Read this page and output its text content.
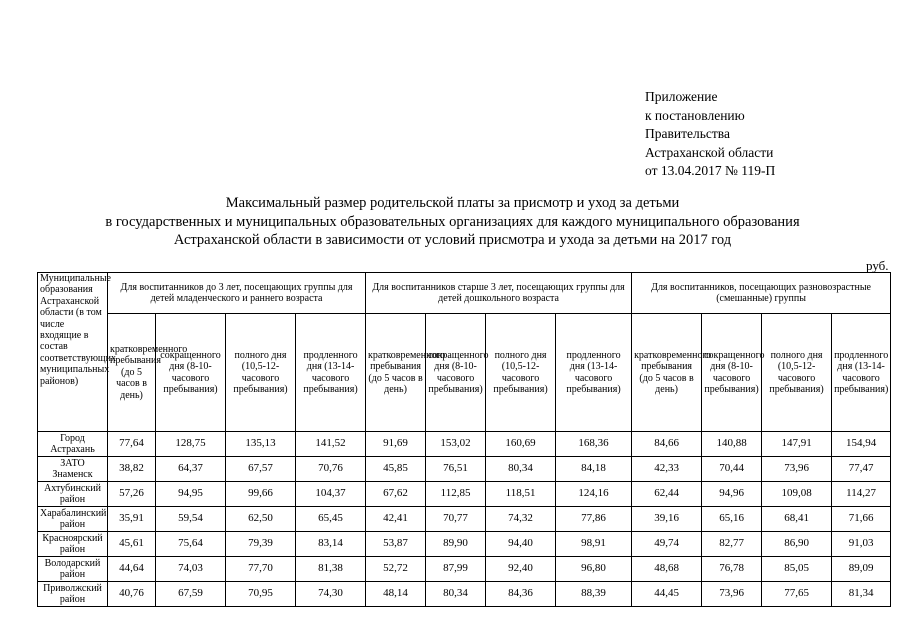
Приложение
к постановлению
Правительства
Астраханской области
от 13.04.2017 № 119-П
Максимальный размер родительской платы за присмотр и уход за детьми
в государственных и муниципальных образовательных организациях для каждого муниципального образования
Астраханской области в зависимости от условий присмотра и ухода за детьми на 2017 год
руб.
Муниципальные образования Астраханской области (в том числе входящие в состав соответствующих муниципальных районов)	Для воспитанников до 3 лет, посещающих группы для детей младенческого и раннего возраста				Для воспитанников старше 3 лет, посещающих группы для детей дошкольного возраста				Для воспитанников, посещающих разновозрастные (смешанные) группы			
	кратковременного пребывания (до 5 часов в день)	сокращенного дня (8-10-часового пребывания)	полного дня (10,5-12-часового пребывания)	продленного дня (13-14- часового пребывания)	кратковременного пребывания (до 5 часов в день)	сокращенного дня (8-10-часового пребывания)	полного дня (10,5-12-часового пребывания)	продленного дня (13-14-часового пребывания)	кратковременного пребывания (до 5 часов в день)	сокращенного дня (8-10-часового пребывания)	полного дня (10,5-12-часового пребывания)	продленного дня (13-14-часового пребывания)
Город Астрахань	77,64	128,75	135,13	141,52	91,69	153,02	160,69	168,36	84,66	140,88	147,91	154,94
ЗАТО Знаменск	38,82	64,37	67,57	70,76	45,85	76,51	80,34	84,18	42,33	70,44	73,96	77,47
Ахтубинский район	57,26	94,95	99,66	104,37	67,62	112,85	118,51	124,16	62,44	94,96	109,08	114,27
Харабалинский район	35,91	59,54	62,50	65,45	42,41	70,77	74,32	77,86	39,16	65,16	68,41	71,66
Красноярский район	45,61	75,64	79,39	83,14	53,87	89,90	94,40	98,91	49,74	82,77	86,90	91,03
Володарский район	44,64	74,03	77,70	81,38	52,72	87,99	92,40	96,80	48,68	76,78	85,05	89,09
Приволжский район	40,76	67,59	70,95	74,30	48,14	80,34	84,36	88,39	44,45	73,96	77,65	81,34
